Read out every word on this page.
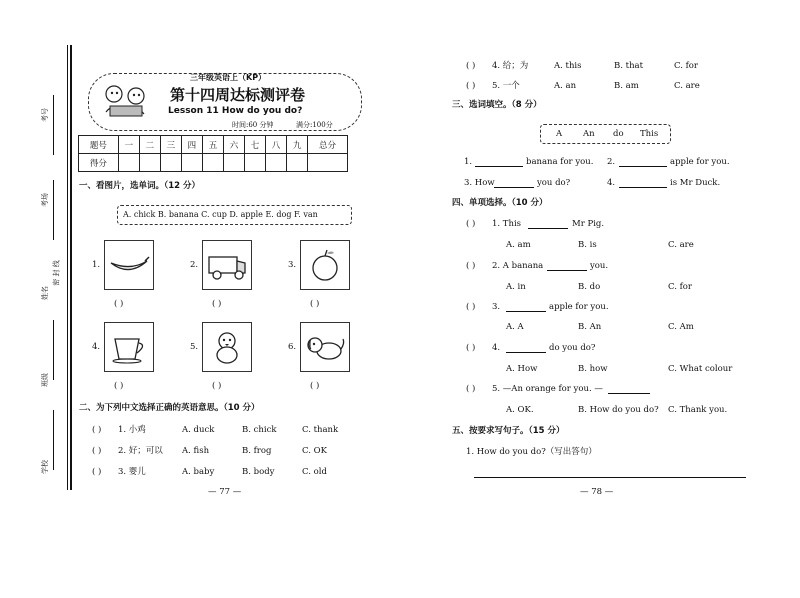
考号
考场
密 封 线
姓名
班级
学校
三年级英语上（KP）
第十四周达标测评卷
Lesson 11 How do you do?
时间:60 分钟	满分:100分
题号	一	二	三	四	五	六	七	八	九	总分
得分										
一、看图片，选单词。（12 分）
A. chick B. banana C. cup D. apple E. dog F. van
1.
( )
2.
( )
3.
( )
4.
( )
5.
( )
6.
( )
二、为下列中文选择正确的英语意思。（10 分）
( ) 1. 小鸡	A. duck	B. chick	C. thank
( ) 2. 好；可以 A. fish	B. frog	C. OK
( ) 3. 婴儿	A. baby	B. body	C. old
— 77 —
( ) 4. 给；为	A. this	B. that	C. for
( ) 5. 一个	A. an	B. am	C. are
三、选词填空。（8 分）
A An do This
1.	banana for you. 2.	apple for you.
3. How	you do?	4.	is Mr Duck.
四、单项选择。（10 分）
( ) 1. This	Mr Pig.
A. am	B. is	C. are
( ) 2. A banana	you.
A. in	B. do	C. for
( ) 3.	apple for you.
A. A	B. An	C. Am
( ) 4.	do you do?
A. How	B. how	C. What colour
( ) 5. —An orange for you. —
A. OK.	B. How do you do? C. Thank you.
五、按要求写句子。（15 分）
1. How do you do?（写出答句）
— 78 —
